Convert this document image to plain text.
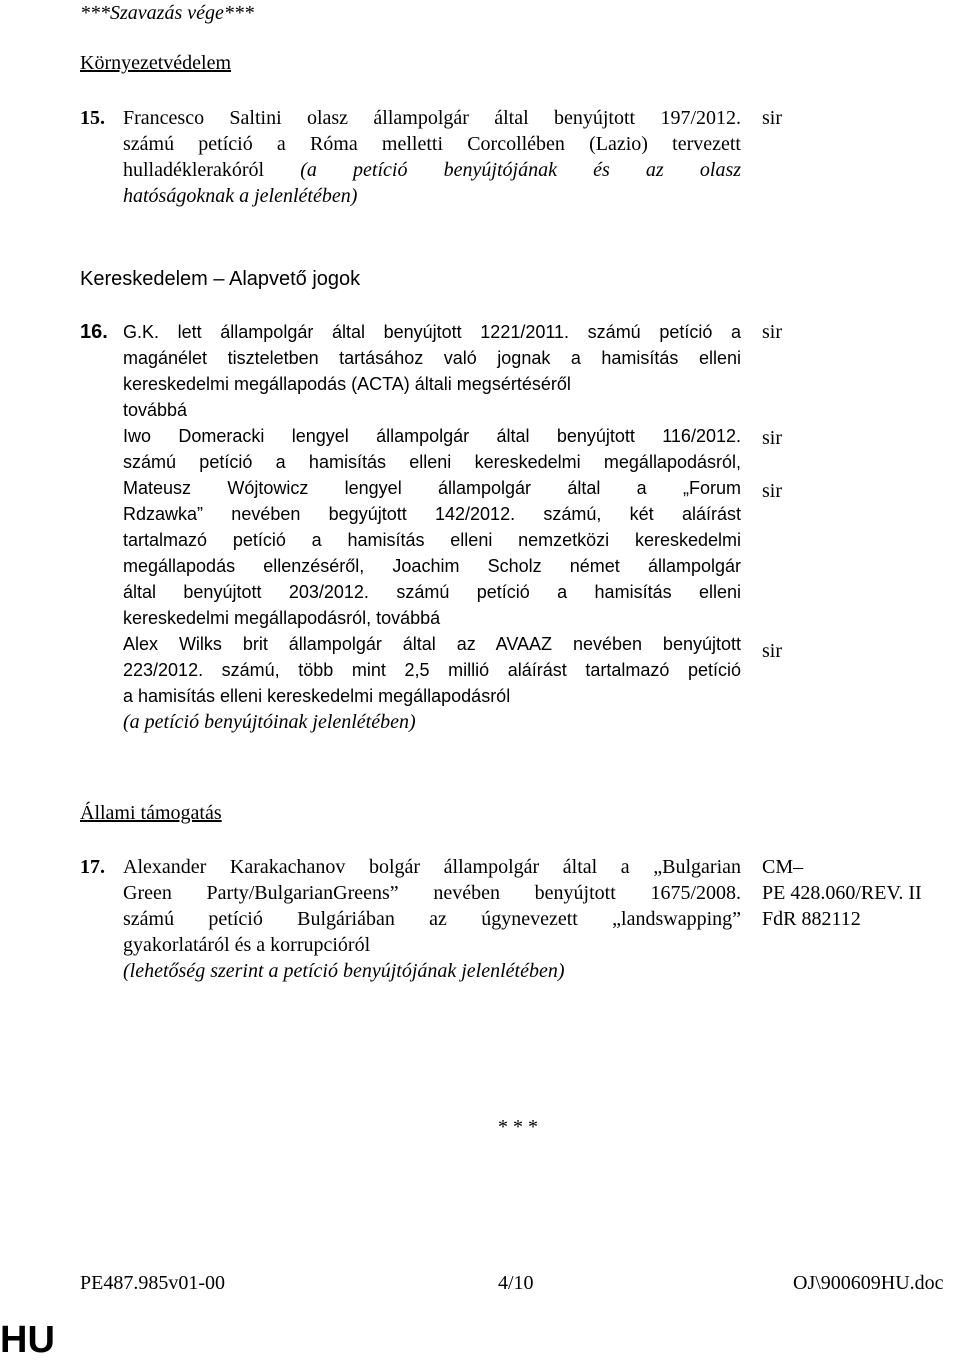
***Szavazás vége***
Környezetvédelem
15. Francesco Saltini olasz állampolgár által benyújtott 197/2012.
számú petíció a Róma melletti Corcollében (Lazio) tervezett
hulladéklerakóról (a petíció benyújtójának és az olasz
hatóságoknak a jelenlétében)
sir
Kereskedelem – Alapvető jogok
16. G.K. lett állampolgár által benyújtott 1221/2011. számú petíció a
magánélet tiszteletben tartásához való jognak a hamisítás elleni
kereskedelmi megállapodás (ACTA) általi megsértéséről
továbbá
Iwo Domeracki lengyel állampolgár által benyújtott 116/2012.
számú petíció a hamisítás elleni kereskedelmi megállapodásról,
Mateusz Wójtowicz lengyel állampolgár által a „Forum
Rdzawka” nevében begyújtott 142/2012. számú, két aláírást
tartalmazó petíció a hamisítás elleni nemzetközi kereskedelmi
megállapodás ellenzéséről, Joachim Scholz német állampolgár
által benyújtott 203/2012. számú petíció a hamisítás elleni
kereskedelmi megállapodásról, továbbá
Alex Wilks brit állampolgár által az AVAAZ nevében benyújtott
223/2012. számú, több mint 2,5 millió aláírást tartalmazó petíció
a hamisítás elleni kereskedelmi megállapodásról
(a petíció benyújtóinak jelenlétében)
sir
sir
sir
sir
Állami támogatás
17. Alexander Karakachanov bolgár állampolgár által a „Bulgarian
Green Party/BulgarianGreens” nevében benyújtott 1675/2008.
számú petíció Bulgáriában az úgynevezett „landswapping”
gyakorlatáról és a korrupcióról
(lehetőség szerint a petíció benyújtójának jelenlétében)
CM–
PE 428.060/REV. II
FdR 882112
* * *
PE487.985v01-00	4/10	OJ\900609HU.doc
HU
